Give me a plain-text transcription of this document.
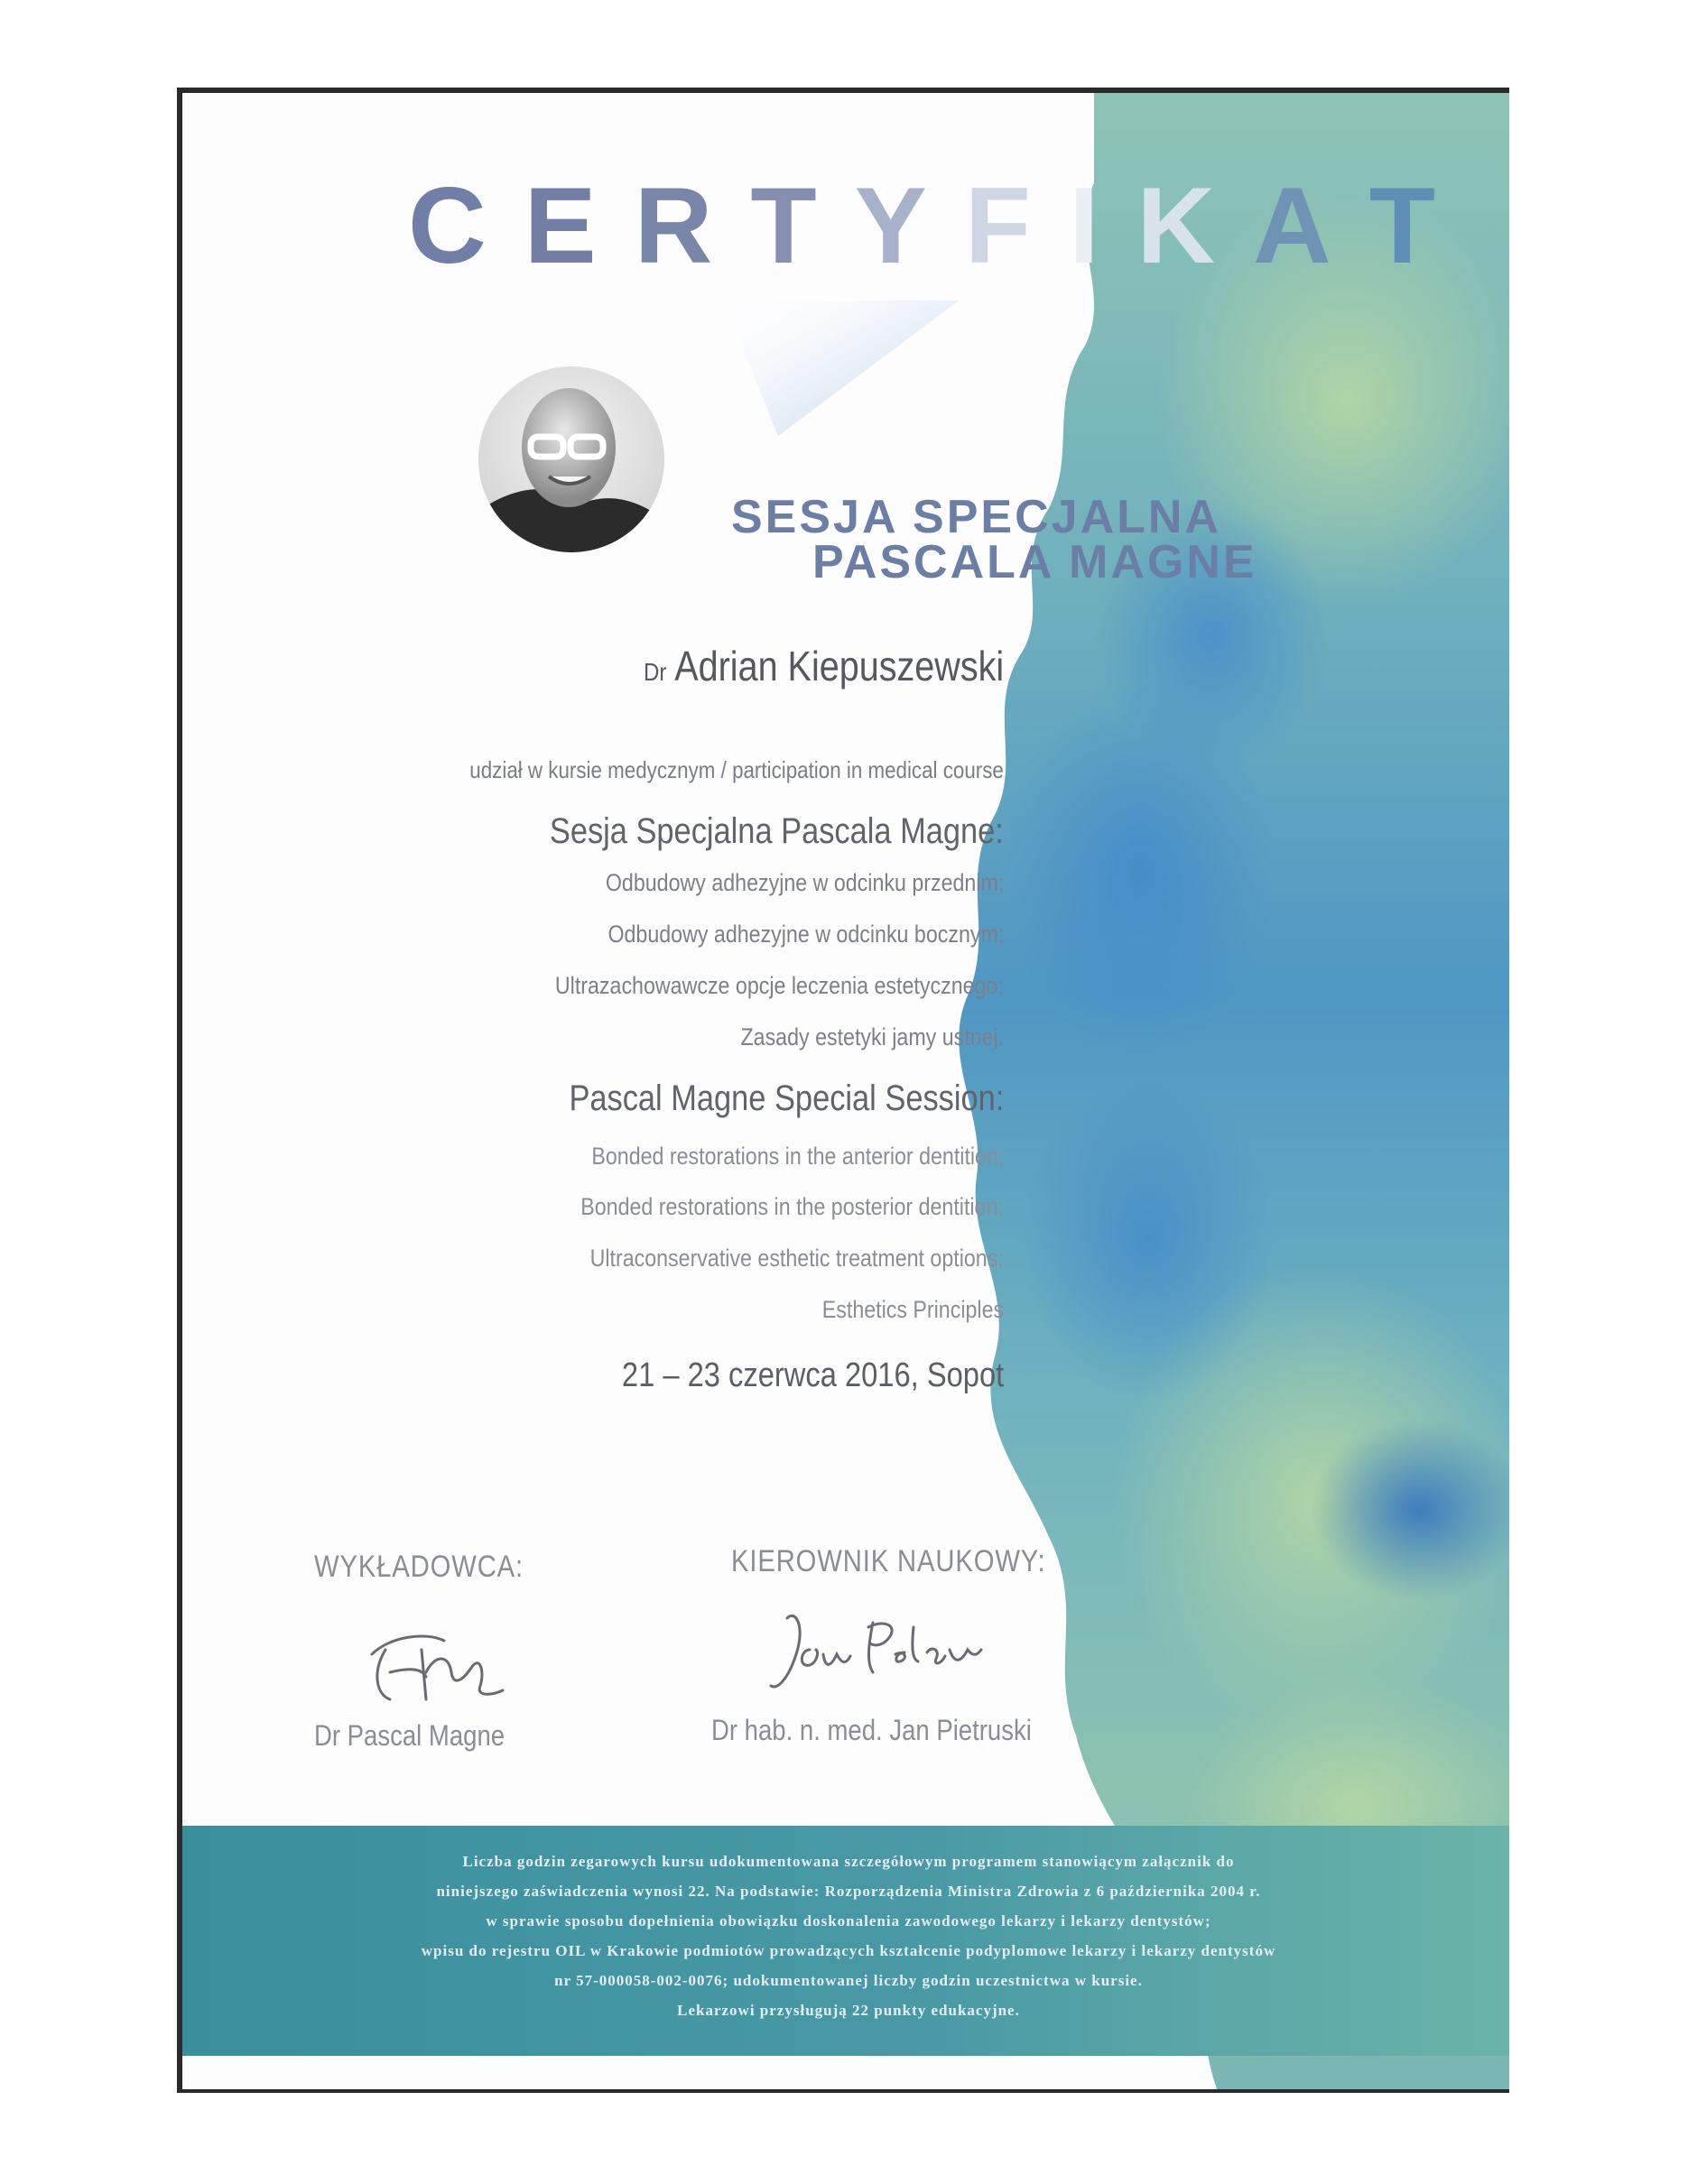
CERTYFIKAT
SESJA SPECJALNA
PASCALA MAGNE
Dr Adrian Kiepuszewski
udział w kursie medycznym / participation in medical course
Sesja Specjalna Pascala Magne:
Odbudowy adhezyjne w odcinku przednim;
Odbudowy adhezyjne w odcinku bocznym;
Ultrazachowawcze opcje leczenia estetycznego;
Zasady estetyki jamy ustnej.
Pascal Magne Special Session:
Bonded restorations in the anterior dentition;
Bonded restorations in the posterior dentition;
Ultraconservative esthetic treatment options;
Esthetics Principles
21 – 23 czerwca 2016, Sopot
WYKŁADOWCA:
Dr Pascal Magne
KIEROWNIK NAUKOWY:
Dr hab. n. med. Jan Pietruski
Liczba godzin zegarowych kursu udokumentowana szczegółowym programem stanowiącym załącznik do
niniejszego zaświadczenia wynosi 22. Na podstawie: Rozporządzenia Ministra Zdrowia z 6 października 2004 r.
w sprawie sposobu dopełnienia obowiązku doskonalenia zawodowego lekarzy i lekarzy dentystów;
wpisu do rejestru OIL w Krakowie podmiotów prowadzących kształcenie podyplomowe lekarzy i lekarzy dentystów
nr 57-000058-002-0076; udokumentowanej liczby godzin uczestnictwa w kursie.
Lekarzowi przysługują 22 punkty edukacyjne.
